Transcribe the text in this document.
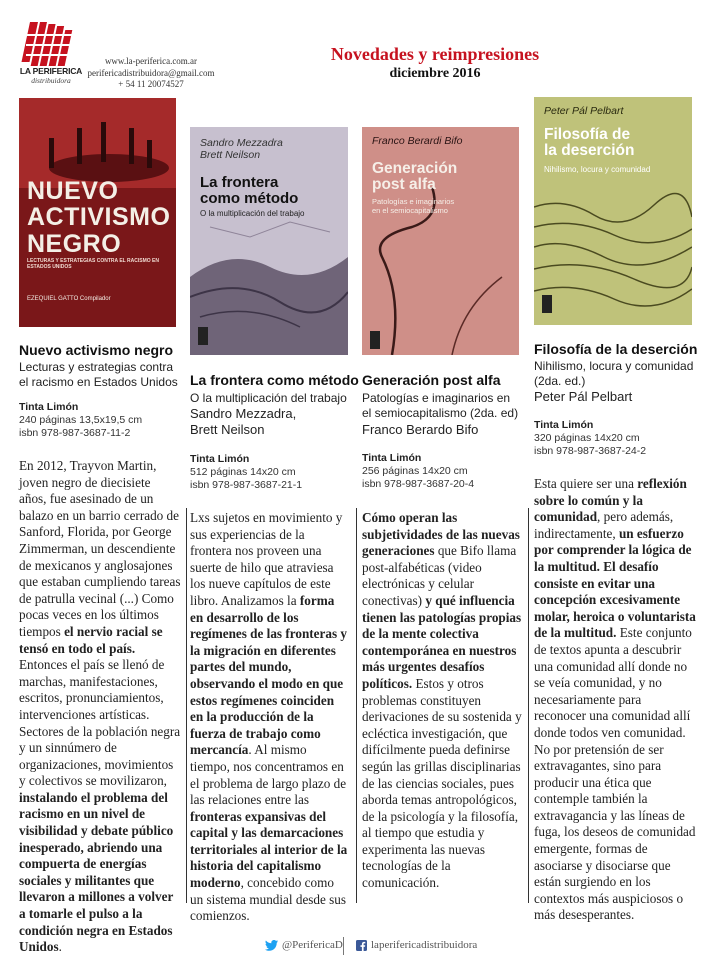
LA PERIFERICA
distribuidora
www.la-periferica.com.ar
perifericadistribuidora@gmail.com
+ 54 11 20074527
Novedades y reimpresiones
diciembre 2016
NUEVO
ACTIVISMO
NEGRO
LECTURAS Y ESTRATEGIAS CONTRA EL RACISMO EN ESTADOS UNIDOS
EZEQUIEL GATTO Compilador
Sandro Mezzadra
Brett Neilson
La frontera
como método
O la multiplicación del trabajo
Franco Berardi Bifo
Generación
post alfa
Patologías e imaginarios
en el semiocapitalismo
Peter Pál Pelbart
Filosofía de
la deserción
Nihilismo, locura y comunidad
Nuevo activismo negro
Lecturas y estrategias contra
el racismo en Estados Unidos
Tinta Limón
240 páginas 13,5x19,5 cm
isbn 978-987-3687-11-2
En 2012, Trayvon Martin, joven negro de diecisiete años, fue asesinado de un balazo en un barrio cerrado de Sanford, Florida, por George Zimmerman, un descendiente de mexicanos y anglosajones que estaban cumpliendo tareas de patrulla vecinal (...) Como pocas veces en los últimos tiempos el nervio racial se tensó en todo el país. Entonces el país se llenó de marchas, manifestaciones, escritos, pronunciamientos, intervenciones artísticas. Sectores de la población negra y un sinnúmero de organizaciones, movimientos y colectivos se movilizaron, instalando el problema del racismo en un nivel de visibilidad y debate público inesperado, abriendo una compuerta de energías sociales y militantes que llevaron a millones a volver a tomarle el pulso a la condición negra en Estados Unidos.
La frontera como método
O la multiplicación del trabajo
Sandro Mezzadra,
Brett Neilson
Tinta Limón
512 páginas 14x20 cm
isbn 978-987-3687-21-1
Lxs sujetos en movimiento y sus experiencias de la frontera nos proveen una suerte de hilo que atraviesa los nueve capítulos de este libro. Analizamos la forma en desarrollo de los regímenes de las fronteras y la migración en diferentes partes del mundo, observando el modo en que estos regímenes coinciden en la producción de la fuerza de trabajo como mercancía. Al mismo tiempo, nos concentramos en el problema de largo plazo de las relaciones entre las fronteras expansivas del capital y las demarcaciones territoriales al interior de la historia del capitalismo moderno, concebido como un sistema mundial desde sus comienzos.
Generación post alfa
Patologías e imaginarios en
el semiocapitalismo (2da. ed)
Franco Berardo Bifo
Tinta Limón
256 páginas 14x20 cm
isbn 978-987-3687-20-4
Cómo operan las subjetividades de las nuevas generaciones que Bifo llama post-alfabéticas (video electrónicas y celular conectivas) y qué influencia tienen las patologías propias de la mente colectiva contemporánea en nuestros más urgentes desafíos políticos. Estos y otros problemas constituyen derivaciones de su sostenida y ecléctica investigación, que difícilmente pueda definirse según las grillas disciplinarias de las ciencias sociales, pues aborda temas antropológicos, de la psicología y la filosofía, al tiempo que estudia y experimenta las nuevas tecnologías de la comunicación.
Filosofía de la deserción
Nihilismo, locura y comunidad
(2da. ed.)
Peter Pál Pelbart
Tinta Limón
320 páginas 14x20 cm
isbn 978-987-3687-24-2
Esta quiere ser una reflexión sobre lo común y la comunidad, pero además, indirectamente, un esfuerzo por comprender la lógica de la multitud. El desafío consiste en evitar una concepción excesivamente molar, heroica o voluntarista de la multitud. Este conjunto de textos apunta a descubrir una comunidad allí donde no se veía comunidad, y no necesariamente para reconocer una comunidad allí donde todos ven comunidad. No por pretensión de ser extravagantes, sino para producir una ética que contemple también la extravagancia y las líneas de fuga, los deseos de comunidad emergente, formas de asociarse y disociarse que están surgiendo en los contextos más auspiciosos o más desesperantes.
@PerifericaD	laperifericadistribuidora
